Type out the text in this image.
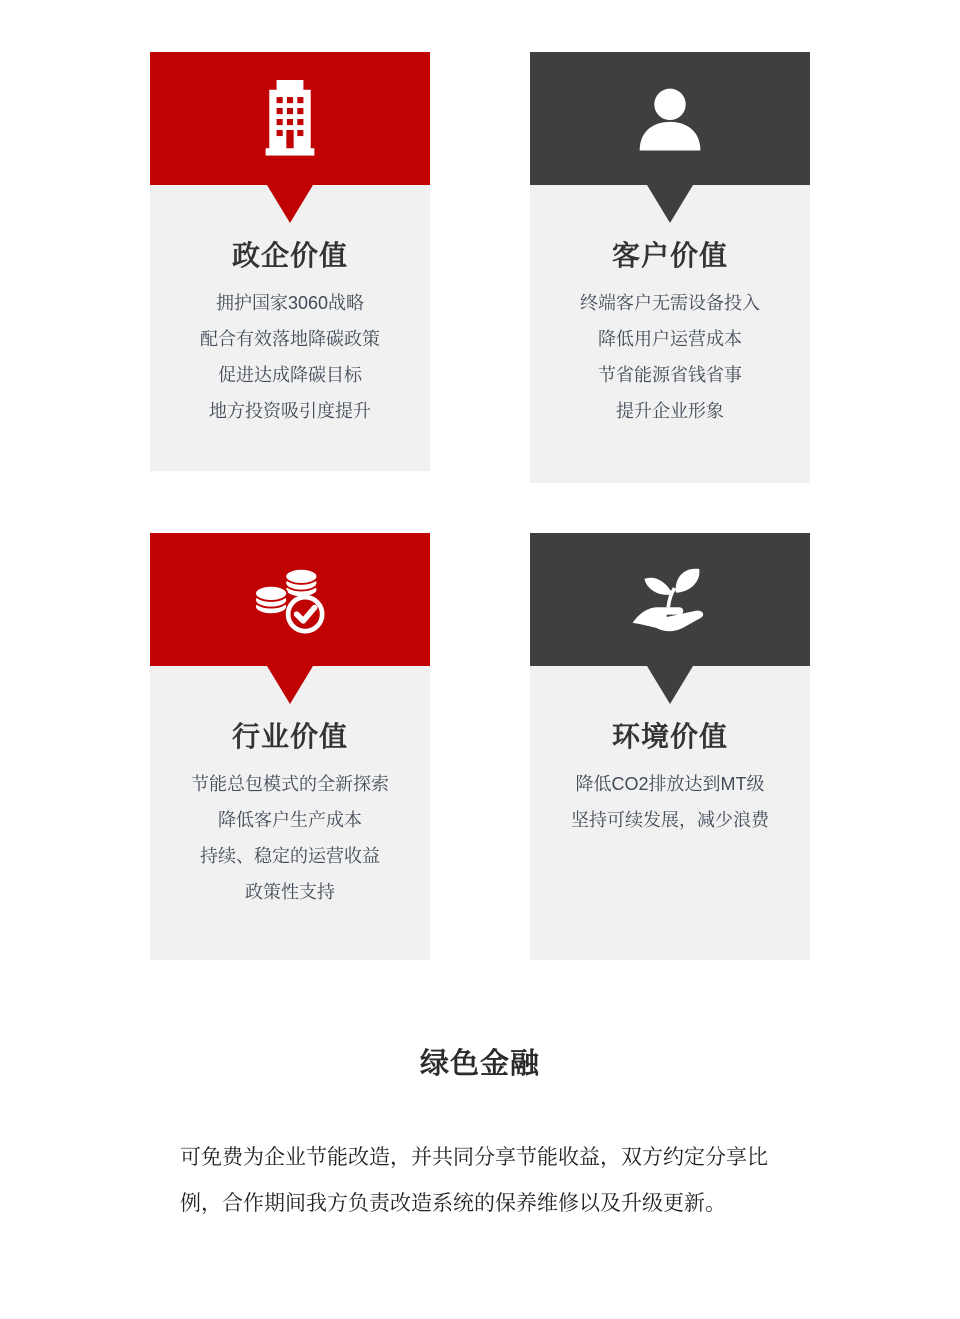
政企价值

拥护国家3060战略

配合有效落地降碳政策

促进达成降碳目标

地方投资吸引度提升

客户价值

终端客户无需设备投入

降低用户运营成本

节省能源省钱省事

提升企业形象

行业价值

节能总包模式的全新探索

降低客户生产成本

持续、稳定的运营收益

政策性支持

环境价值

降低CO2排放达到MT级

坚持可续发展，减少浪费

绿色金融

可免费为企业节能改造，并共同分享节能收益，双方约定分享比例，合作期间我方负责改造系统的保养维修以及升级更新。
